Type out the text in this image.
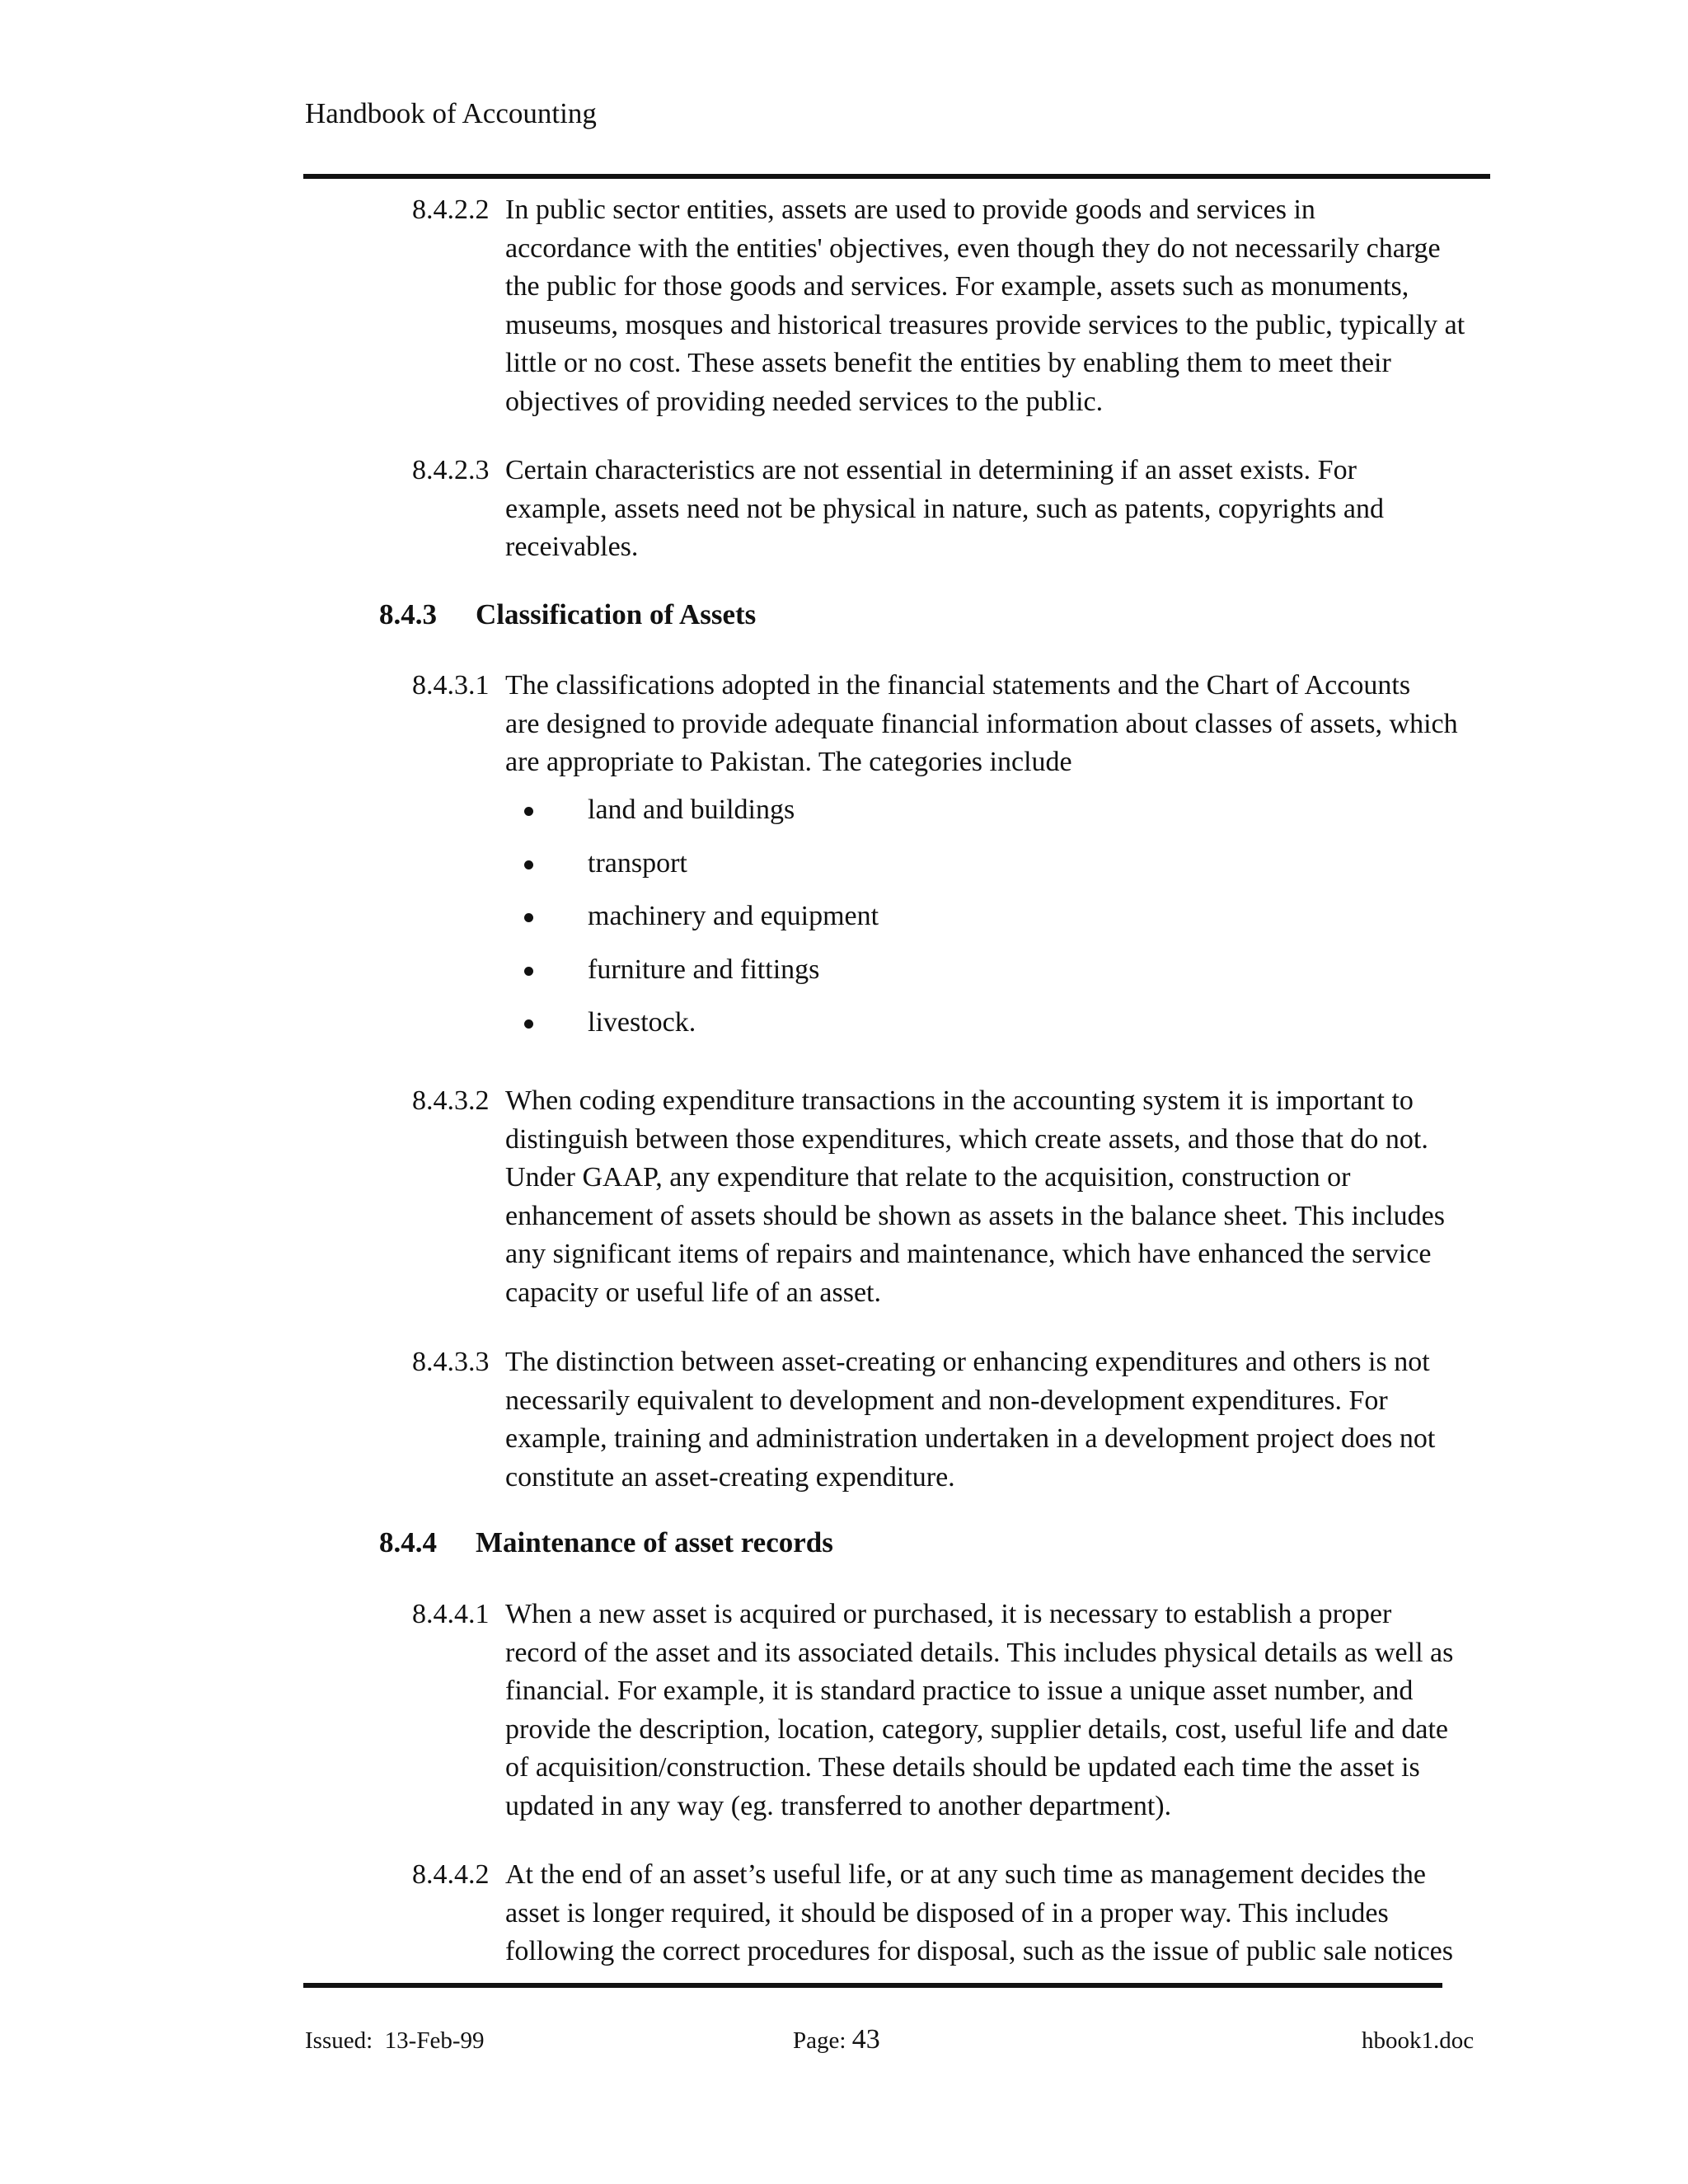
Handbook of Accounting
8.4.2.2 In public sector entities, assets are used to provide goods and services in
accordance with the entities' objectives, even though they do not necessarily charge
the public for those goods and services. For example, assets such as monuments,
museums, mosques and historical treasures provide services to the public, typically at
little or no cost. These assets benefit the entities by enabling them to meet their
objectives of providing needed services to the public.
8.4.2.3 Certain characteristics are not essential in determining if an asset exists. For
example, assets need not be physical in nature, such as patents, copyrights and
receivables.
8.4.3 Classification of Assets
8.4.3.1 The classifications adopted in the financial statements and the Chart of Accounts
are designed to provide adequate financial information about classes of assets, which
are appropriate to Pakistan. The categories include
land and buildings
transport
machinery and equipment
furniture and fittings
livestock.
8.4.3.2 When coding expenditure transactions in the accounting system it is important to
distinguish between those expenditures, which create assets, and those that do not.
Under GAAP, any expenditure that relate to the acquisition, construction or
enhancement of assets should be shown as assets in the balance sheet. This includes
any significant items of repairs and maintenance, which have enhanced the service
capacity or useful life of an asset.
8.4.3.3 The distinction between asset-creating or enhancing expenditures and others is not
necessarily equivalent to development and non-development expenditures. For
example, training and administration undertaken in a development project does not
constitute an asset-creating expenditure.
8.4.4 Maintenance of asset records
8.4.4.1 When a new asset is acquired or purchased, it is necessary to establish a proper
record of the asset and its associated details. This includes physical details as well as
financial. For example, it is standard practice to issue a unique asset number, and
provide the description, location, category, supplier details, cost, useful life and date
of acquisition/construction. These details should be updated each time the asset is
updated in any way (eg. transferred to another department).
8.4.4.2 At the end of an asset’s useful life, or at any such time as management decides the
asset is longer required, it should be disposed of in a proper way. This includes
following the correct procedures for disposal, such as the issue of public sale notices
Issued: 13-Feb-99	Page: 43	hbook1.doc
